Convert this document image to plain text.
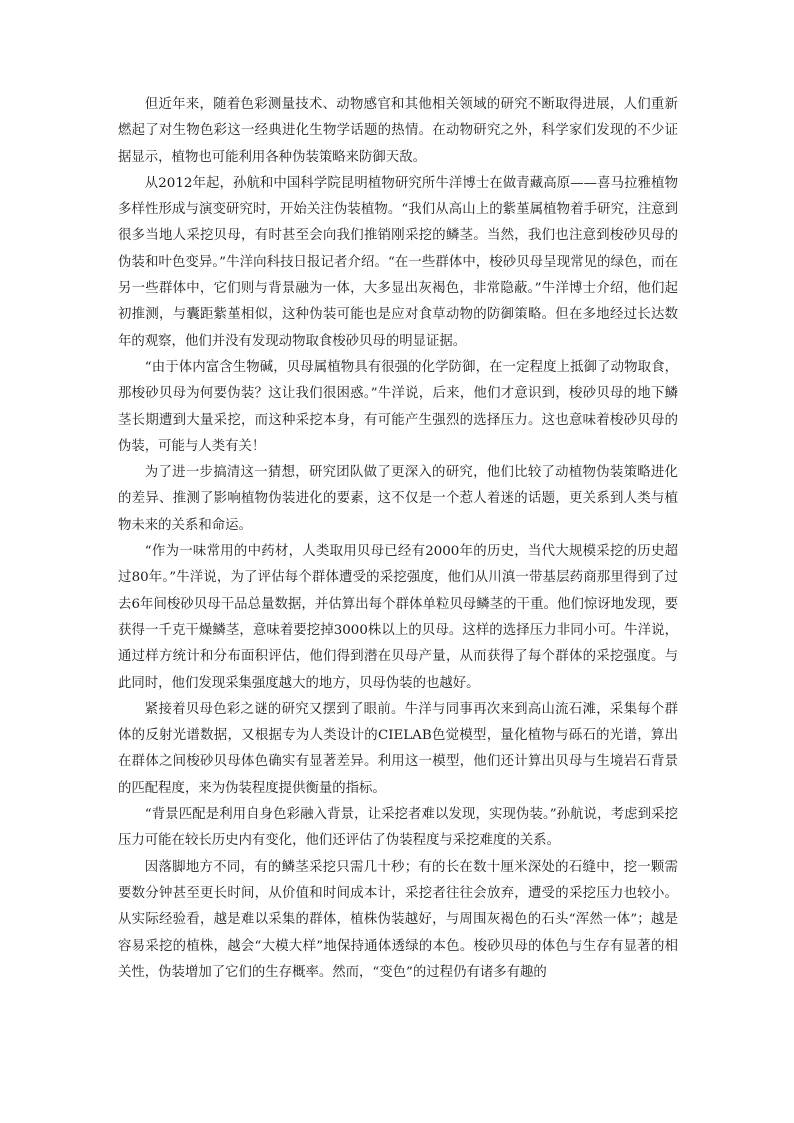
但近年来，随着色彩测量技术、动物感官和其他相关领域的研究不断取得进展，人们重新燃起了对生物色彩这一经典进化生物学话题的热情。在动物研究之外，科学家们发现的不少证据显示，植物也可能利用各种伪装策略来防御天敌。

从2012年起，孙航和中国科学院昆明植物研究所牛洋博士在做青藏高原——喜马拉雅植物多样性形成与演变研究时，开始关注伪装植物。“我们从高山上的紫堇属植物着手研究，注意到很多当地人采挖贝母，有时甚至会向我们推销刚采挖的鳞茎。当然，我们也注意到梭砂贝母的伪装和叶色变异。”牛洋向科技日报记者介绍。“在一些群体中，梭砂贝母呈现常见的绿色，而在另一些群体中，它们则与背景融为一体，大多显出灰褐色，非常隐蔽。”牛洋博士介绍，他们起初推测，与囊距紫堇相似，这种伪装可能也是应对食草动物的防御策略。但在多地经过长达数年的观察，他们并没有发现动物取食梭砂贝母的明显证据。

“由于体内富含生物碱，贝母属植物具有很强的化学防御，在一定程度上抵御了动物取食，那梭砂贝母为何要伪装？这让我们很困惑。”牛洋说，后来，他们才意识到，梭砂贝母的地下鳞茎长期遭到大量采挖，而这种采挖本身，有可能产生强烈的选择压力。这也意味着梭砂贝母的伪装，可能与人类有关！

为了进一步搞清这一猜想，研究团队做了更深入的研究，他们比较了动植物伪装策略进化的差异、推测了影响植物伪装进化的要素，这不仅是一个惹人着迷的话题，更关系到人类与植物未来的关系和命运。

“作为一味常用的中药材，人类取用贝母已经有2000年的历史，当代大规模采挖的历史超过80年。”牛洋说，为了评估每个群体遭受的采挖强度，他们从川滇一带基层药商那里得到了过去6年间梭砂贝母干品总量数据，并估算出每个群体单粒贝母鳞茎的干重。他们惊讶地发现，要获得一千克干燥鳞茎，意味着要挖掉3000株以上的贝母。这样的选择压力非同小可。牛洋说，通过样方统计和分布面积评估，他们得到潜在贝母产量，从而获得了每个群体的采挖强度。与此同时，他们发现采集强度越大的地方，贝母伪装的也越好。

紧接着贝母色彩之谜的研究又摆到了眼前。牛洋与同事再次来到高山流石滩，采集每个群体的反射光谱数据，又根据专为人类设计的CIELAB色觉模型，量化植物与砾石的光谱，算出在群体之间梭砂贝母体色确实有显著差异。利用这一模型，他们还计算出贝母与生境岩石背景的匹配程度，来为伪装程度提供衡量的指标。

“背景匹配是利用自身色彩融入背景，让采挖者难以发现，实现伪装。”孙航说，考虑到采挖压力可能在较长历史内有变化，他们还评估了伪装程度与采挖难度的关系。

因落脚地方不同，有的鳞茎采挖只需几十秒；有的长在数十厘米深处的石缝中，挖一颗需要数分钟甚至更长时间，从价值和时间成本计，采挖者往往会放弃，遭受的采挖压力也较小。从实际经验看，越是难以采集的群体，植株伪装越好，与周围灰褐色的石头“浑然一体”；越是容易采挖的植株，越会“大模大样”地保持通体透绿的本色。梭砂贝母的体色与生存有显著的相关性，伪装增加了它们的生存概率。然而，“变色”的过程仍有诸多有趣的
